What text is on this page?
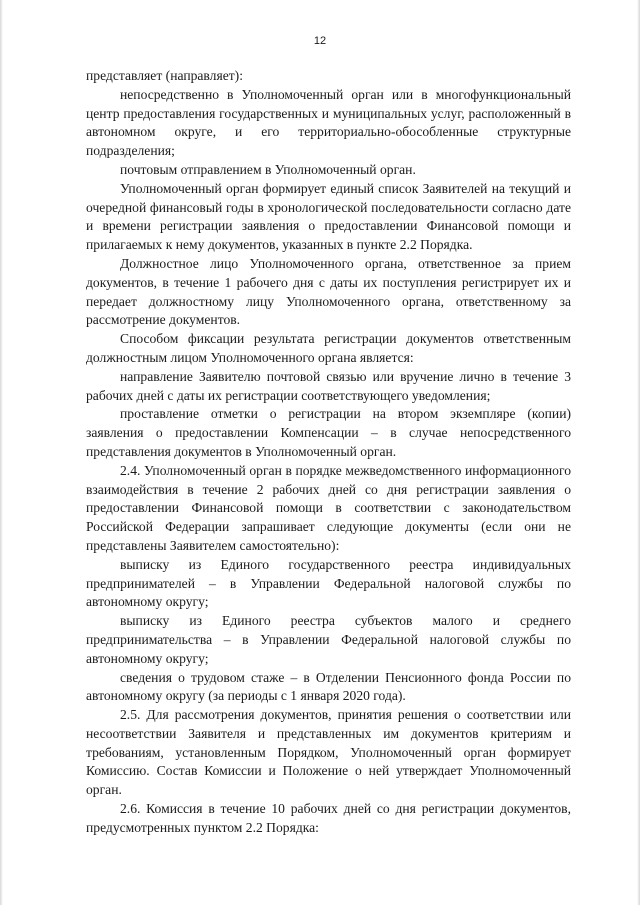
12

представляет (направляет):

непосредственно в Уполномоченный орган или в многофункциональный центр предоставления государственных и муниципальных услуг, расположенный в автономном округе, и его территориально-обособленные структурные подразделения;

почтовым отправлением в Уполномоченный орган.

Уполномоченный орган формирует единый список Заявителей на текущий и очередной финансовый годы в хронологической последовательности согласно дате и времени регистрации заявления о предоставлении Финансовой помощи и прилагаемых к нему документов, указанных в пункте 2.2 Порядка.

Должностное лицо Уполномоченного органа, ответственное за прием документов, в течение 1 рабочего дня с даты их поступления регистрирует их и передает должностному лицу Уполномоченного органа, ответственному за рассмотрение документов.

Способом фиксации результата регистрации документов ответственным должностным лицом Уполномоченного органа является:

направление Заявителю почтовой связью или вручение лично в течение 3 рабочих дней с даты их регистрации соответствующего уведомления;

проставление отметки о регистрации на втором экземпляре (копии) заявления о предоставлении Компенсации – в случае непосредственного представления документов в Уполномоченный орган.

2.4. Уполномоченный орган в порядке межведомственного информационного взаимодействия в течение 2 рабочих дней со дня регистрации заявления о предоставлении Финансовой помощи в соответствии с законодательством Российской Федерации запрашивает следующие документы (если они не представлены Заявителем самостоятельно):

выписку из Единого государственного реестра индивидуальных предпринимателей – в Управлении Федеральной налоговой службы по автономному округу;

выписку из Единого реестра субъектов малого и среднего предпринимательства – в Управлении Федеральной налоговой службы по автономному округу;

сведения о трудовом стаже – в Отделении Пенсионного фонда России по автономному округу (за периоды с 1 января 2020 года).

2.5. Для рассмотрения документов, принятия решения о соответствии или несоответствии Заявителя и представленных им документов критериям и требованиям, установленным Порядком, Уполномоченный орган формирует Комиссию. Состав Комиссии и Положение о ней утверждает Уполномоченный орган.

2.6. Комиссия в течение 10 рабочих дней со дня регистрации документов, предусмотренных пунктом 2.2 Порядка:
